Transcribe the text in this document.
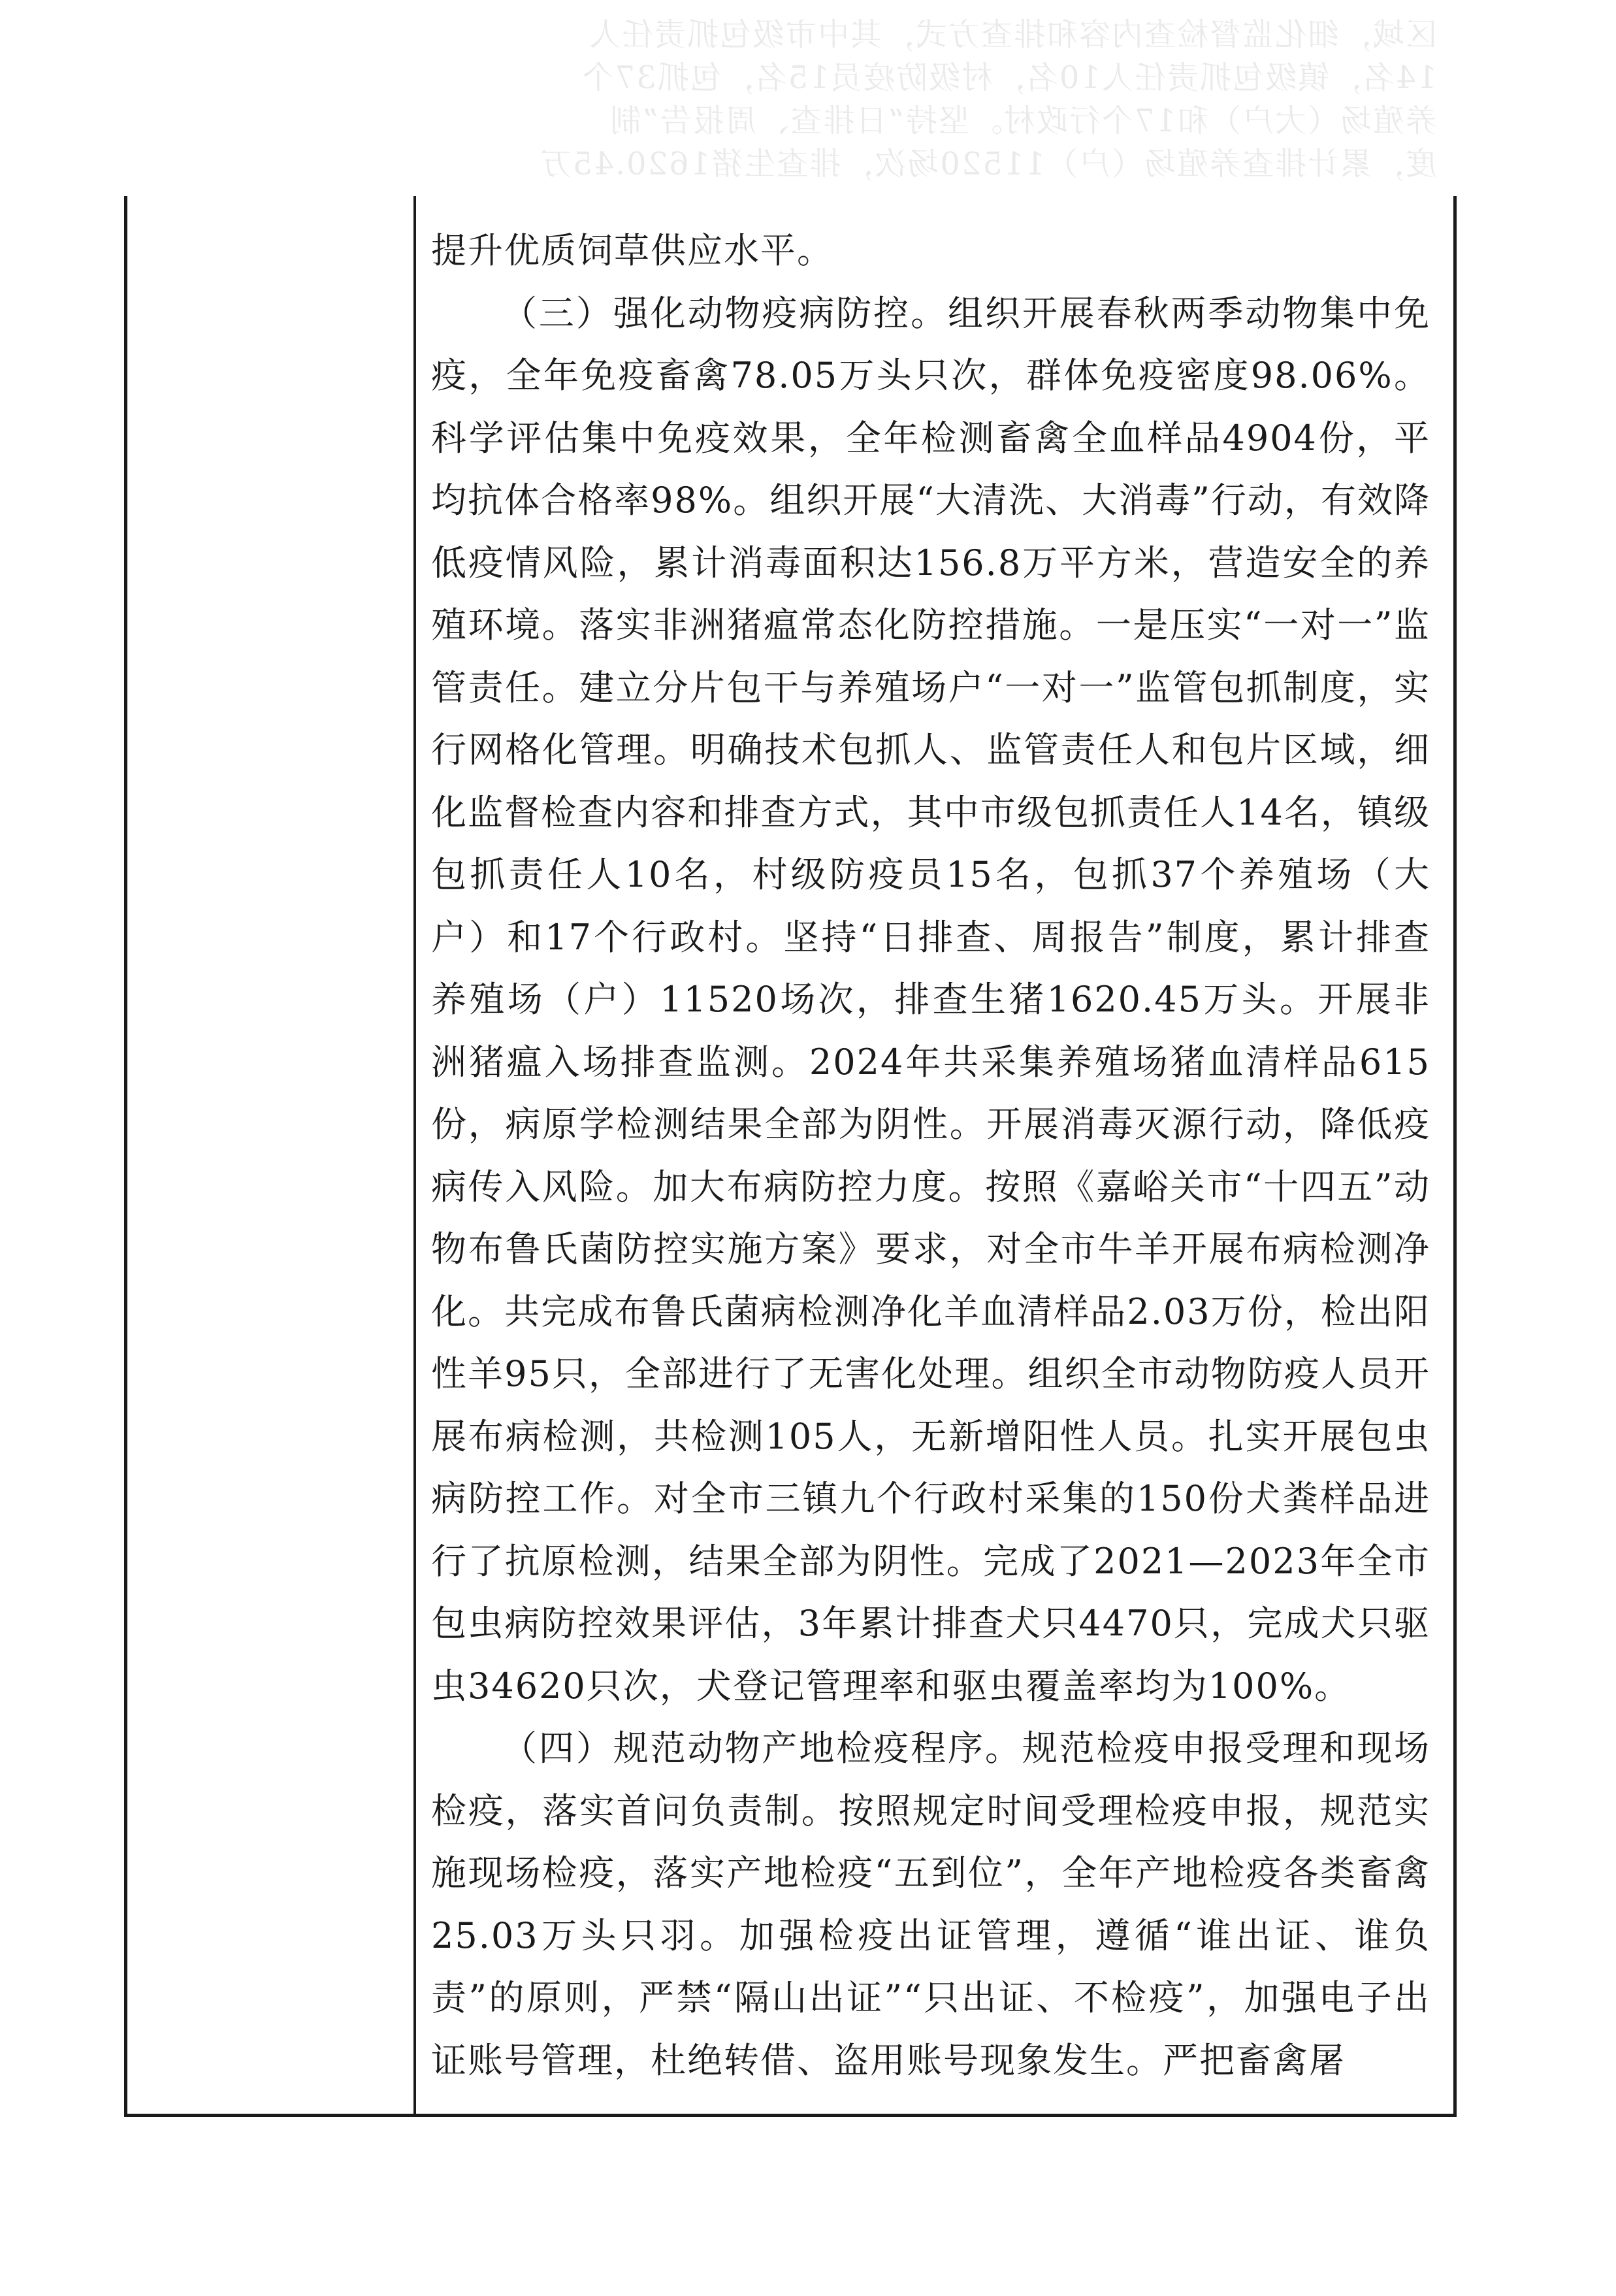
区域，细化监督检查内容和排查方式，其中市级包抓责任人
14名，镇级包抓责任人10名，村级防疫员15名，包抓37个
养殖场（大户）和17个行政村。坚持“日排查、周报告”制
度，累计排查养殖场（户）11520场次，排查生猪1620.45万

提升优质饲草供应水平。

（三）强化动物疫病防控。组织开展春秋两季动物集中免疫，全年免疫畜禽78.05万头只次，群体免疫密度98.06%。科学评估集中免疫效果，全年检测畜禽全血样品4904份，平均抗体合格率98%。组织开展“大清洗、大消毒”行动，有效降低疫情风险，累计消毒面积达156.8万平方米，营造安全的养殖环境。落实非洲猪瘟常态化防控措施。一是压实“一对一”监管责任。建立分片包干与养殖场户“一对一”监管包抓制度，实行网格化管理。明确技术包抓人、监管责任人和包片区域，细化监督检查内容和排查方式，其中市级包抓责任人14名，镇级包抓责任人10名，村级防疫员15名，包抓37个养殖场（大户）和17个行政村。坚持“日排查、周报告”制度，累计排查养殖场（户）11520场次，排查生猪1620.45万头。开展非洲猪瘟入场排查监测。2024年共采集养殖场猪血清样品615份，病原学检测结果全部为阴性。开展消毒灭源行动，降低疫病传入风险。加大布病防控力度。按照《嘉峪关市“十四五”动物布鲁氏菌防控实施方案》要求，对全市牛羊开展布病检测净化。共完成布鲁氏菌病检测净化羊血清样品2.03万份，检出阳性羊95只，全部进行了无害化处理。组织全市动物防疫人员开展布病检测，共检测105人，无新增阳性人员。扎实开展包虫病防控工作。对全市三镇九个行政村采集的150份犬粪样品进行了抗原检测，结果全部为阴性。完成了2021—2023年全市包虫病防控效果评估，3年累计排查犬只4470只，完成犬只驱虫34620只次，犬登记管理率和驱虫覆盖率均为100%。

（四）规范动物产地检疫程序。规范检疫申报受理和现场检疫，落实首问负责制。按照规定时间受理检疫申报，规范实施现场检疫，落实产地检疫“五到位”，全年产地检疫各类畜禽25.03万头只羽。加强检疫出证管理，遵循“谁出证、谁负责”的原则，严禁“隔山出证”“只出证、不检疫”，加强电子出证账号管理，杜绝转借、盗用账号现象发生。严把畜禽屠
